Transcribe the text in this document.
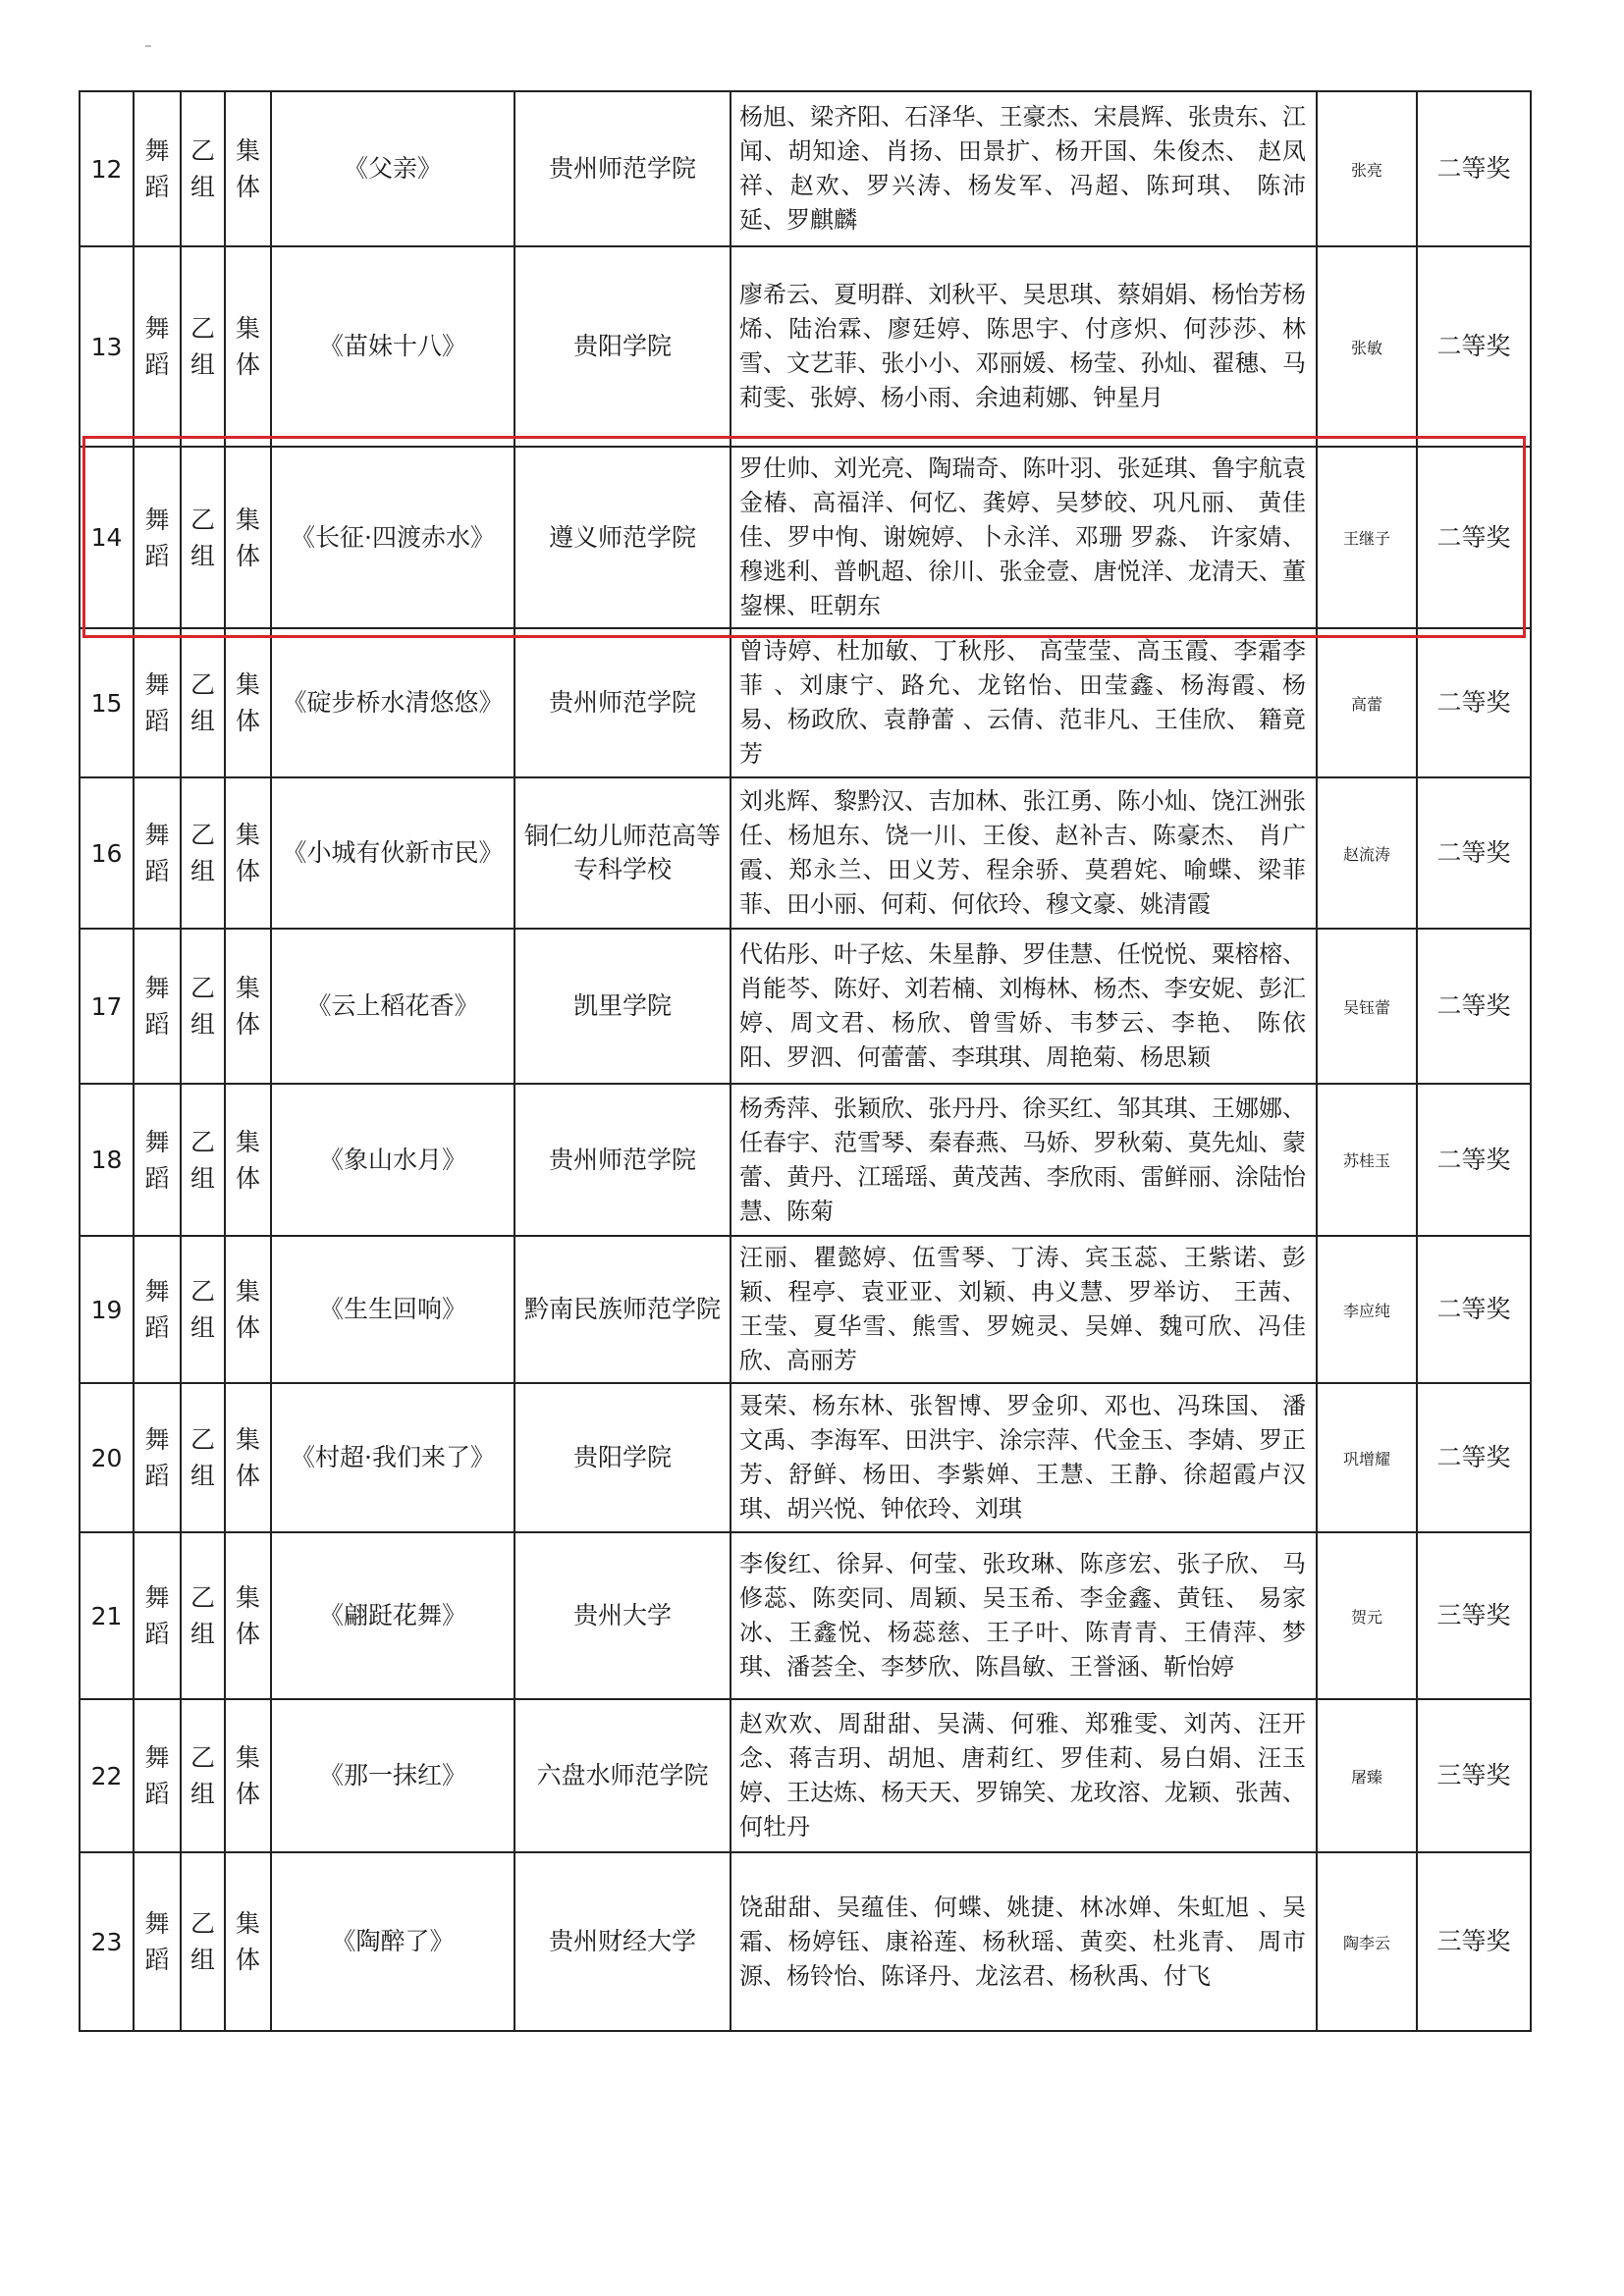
12	舞蹈	乙组	集体	《父亲》	贵州师范学院	杨旭、梁齐阳、石泽华、王豪杰、宋晨辉、张贵东、江闻、胡知途、肖扬、田景扩、杨开国、朱俊杰、 赵凤祥、赵欢、罗兴涛、杨发军、冯超、陈珂琪、 陈沛延、罗麒麟	张亮	二等奖
13	舞蹈	乙组	集体	《苗妹十八》	贵阳学院	廖希云、夏明群、刘秋平、吴思琪、蔡娟娟、杨怡芳杨烯、陆治霖、廖廷婷、陈思宇、付彦炽、何莎莎、林雪、文艺菲、张小小、邓丽媛、杨莹、孙灿、翟穗、马莉雯、张婷、杨小雨、余迪莉娜、钟星月	张敏	二等奖
14	舞蹈	乙组	集体	《长征·四渡赤水》	遵义师范学院	罗仕帅、刘光亮、陶瑞奇、陈叶羽、张延琪、鲁宇航袁金椿、高福洋、何忆、龚婷、吴梦皎、巩凡丽、 黄佳佳、罗中恂、谢婉婷、卜永洋、邓珊 罗淼、 许家婧、穆逃利、普帆超、徐川、张金壹、唐悦洋、龙清天、董鋆棵、旺朝东	王继子	二等奖
15	舞蹈	乙组	集体	《碇步桥水清悠悠》	贵州师范学院	曾诗婷、杜加敏、丁秋彤、 高莹莹、高玉霞、李霜李菲 、刘康宁、路允、龙铭怡、田莹鑫、杨海霞、杨易、杨政欣、袁静蕾 、云倩、范非凡、王佳欣、 籍竟芳	高蕾	二等奖
16	舞蹈	乙组	集体	《小城有伙新市民》	铜仁幼儿师范高等专科学校	刘兆辉、黎黔汉、吉加林、张江勇、陈小灿、饶江洲张任、杨旭东、饶一川、王俊、赵补吉、陈豪杰、 肖广霞、郑永兰、田义芳、程余骄、莫碧姹、喻蝶、梁菲菲、田小丽、何莉、何依玲、穆文豪、姚清霞	赵流涛	二等奖
17	舞蹈	乙组	集体	《云上稻花香》	凯里学院	代佑彤、叶子炫、朱星静、罗佳慧、任悦悦、粟榕榕、肖能芩、陈好、刘若楠、刘梅林、杨杰、李安妮、彭汇婷、周文君、杨欣、曾雪娇、韦梦云、李艳、 陈依阳、罗泗、何蕾蕾、李琪琪、周艳菊、杨思颖	吴钰蕾	二等奖
18	舞蹈	乙组	集体	《象山水月》	贵州师范学院	杨秀萍、张颖欣、张丹丹、徐买红、邹其琪、王娜娜、任春宇、范雪琴、秦春燕、马娇、罗秋菊、莫先灿、蒙蕾、黄丹、江瑶瑶、黄茂茜、李欣雨、雷鲜丽、涂陆怡慧、陈菊	苏桂玉	二等奖
19	舞蹈	乙组	集体	《生生回响》	黔南民族师范学院	汪丽、瞿懿婷、伍雪琴、丁涛、宾玉蕊、王紫诺、彭颖、程亭、袁亚亚、刘颖、冉义慧、罗举访、 王茜、王莹、夏华雪、熊雪、罗婉灵、吴婵、魏可欣、冯佳欣、高丽芳	李应纯	二等奖
20	舞蹈	乙组	集体	《村超·我们来了》	贵阳学院	聂荣、杨东林、张智博、罗金卯、邓也、冯珠国、 潘文禹、李海军、田洪宇、涂宗萍、代金玉、李婧、罗正芳、舒鲜、杨田、李紫婵、王慧、王静、徐超霞卢汉琪、胡兴悦、钟依玲、刘琪	巩增耀	二等奖
21	舞蹈	乙组	集体	《翩跹花舞》	贵州大学	李俊红、徐昇、何莹、张玫琳、陈彦宏、张子欣、 马修蕊、陈奕同、周颖、吴玉希、李金鑫、黄钰、 易家冰、王鑫悦、杨蕊慈、王子叶、陈青青、王倩萍、梦琪、潘荟全、李梦欣、陈昌敏、王誉涵、靳怡婷	贺元	三等奖
22	舞蹈	乙组	集体	《那一抹红》	六盘水师范学院	赵欢欢、周甜甜、吴满、何雅、郑雅雯、刘芮、汪开念、蒋吉玥、胡旭、唐莉红、罗佳莉、易白娟、汪玉婷、王达炼、杨天天、罗锦笑、龙玫溶、龙颖、张茜、何牡丹	屠臻	三等奖
23	舞蹈	乙组	集体	《陶醉了》	贵州财经大学	饶甜甜、吴蕴佳、何蝶、姚捷、林冰婵、朱虹旭 、吴霜、杨婷钰、康裕莲、杨秋瑶、黄奕、杜兆青、 周市源、杨铃怡、陈译丹、龙泫君、杨秋禹、付飞	陶李云	三等奖
